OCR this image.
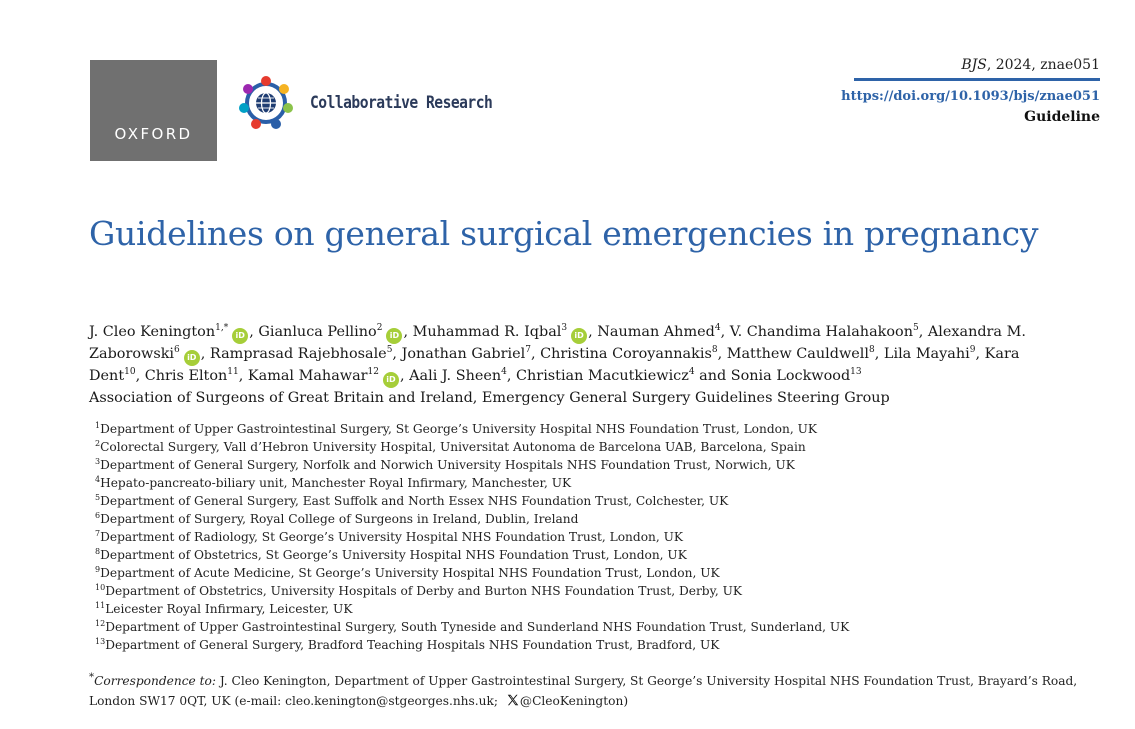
OXFORD
Collaborative Research
BJS, 2024, znae051
https://doi.org/10.1093/bjs/znae051
Guideline
Guidelines on general surgical emergencies in pregnancy
J. Cleo Kenington$^{1,*}$iD , Gianluca Pellino$^2$iD , Muhammad R. Iqbal$^3$iD , Nauman Ahmed$^4$, V. Chandima Halahakoon$^5$, Alexandra M. Zaborowski$^6$iD , Ramprasad Rajebhosale$^5$, Jonathan Gabriel$^7$, Christina Coroyannakis$^8$, Matthew Cauldwell$^8$, Lila Mayahi$^9$, Kara Dent$^{10}$, Chris Elton$^{11}$, Kamal Mahawar$^{12}$iD , Aali J. Sheen$^4$, Christian Macutkiewicz$^4$ and Sonia Lockwood$^{13}$
Association of Surgeons of Great Britain and Ireland, Emergency General Surgery Guidelines Steering Group
$^1$Department of Upper Gastrointestinal Surgery, St George’s University Hospital NHS Foundation Trust, London, UK
$^2$Colorectal Surgery, Vall d’Hebron University Hospital, Universitat Autonoma de Barcelona UAB, Barcelona, Spain
$^3$Department of General Surgery, Norfolk and Norwich University Hospitals NHS Foundation Trust, Norwich, UK
$^4$Hepato-pancreato-biliary unit, Manchester Royal Infirmary, Manchester, UK
$^5$Department of General Surgery, East Suffolk and North Essex NHS Foundation Trust, Colchester, UK
$^6$Department of Surgery, Royal College of Surgeons in Ireland, Dublin, Ireland
$^7$Department of Radiology, St George’s University Hospital NHS Foundation Trust, London, UK
$^8$Department of Obstetrics, St George’s University Hospital NHS Foundation Trust, London, UK
$^9$Department of Acute Medicine, St George’s University Hospital NHS Foundation Trust, London, UK
$^{10}$Department of Obstetrics, University Hospitals of Derby and Burton NHS Foundation Trust, Derby, UK
$^{11}$Leicester Royal Infirmary, Leicester, UK
$^{12}$Department of Upper Gastrointestinal Surgery, South Tyneside and Sunderland NHS Foundation Trust, Sunderland, UK
$^{13}$Department of General Surgery, Bradford Teaching Hospitals NHS Foundation Trust, Bradford, UK
*Correspondence to: J. Cleo Kenington, Department of Upper Gastrointestinal Surgery, St George’s University Hospital NHS Foundation Trust, Brayard’s Road, London SW17 0QT, UK (e-mail: cleo.kenington@stgeorges.nhs.uk; @CleoKenington)
